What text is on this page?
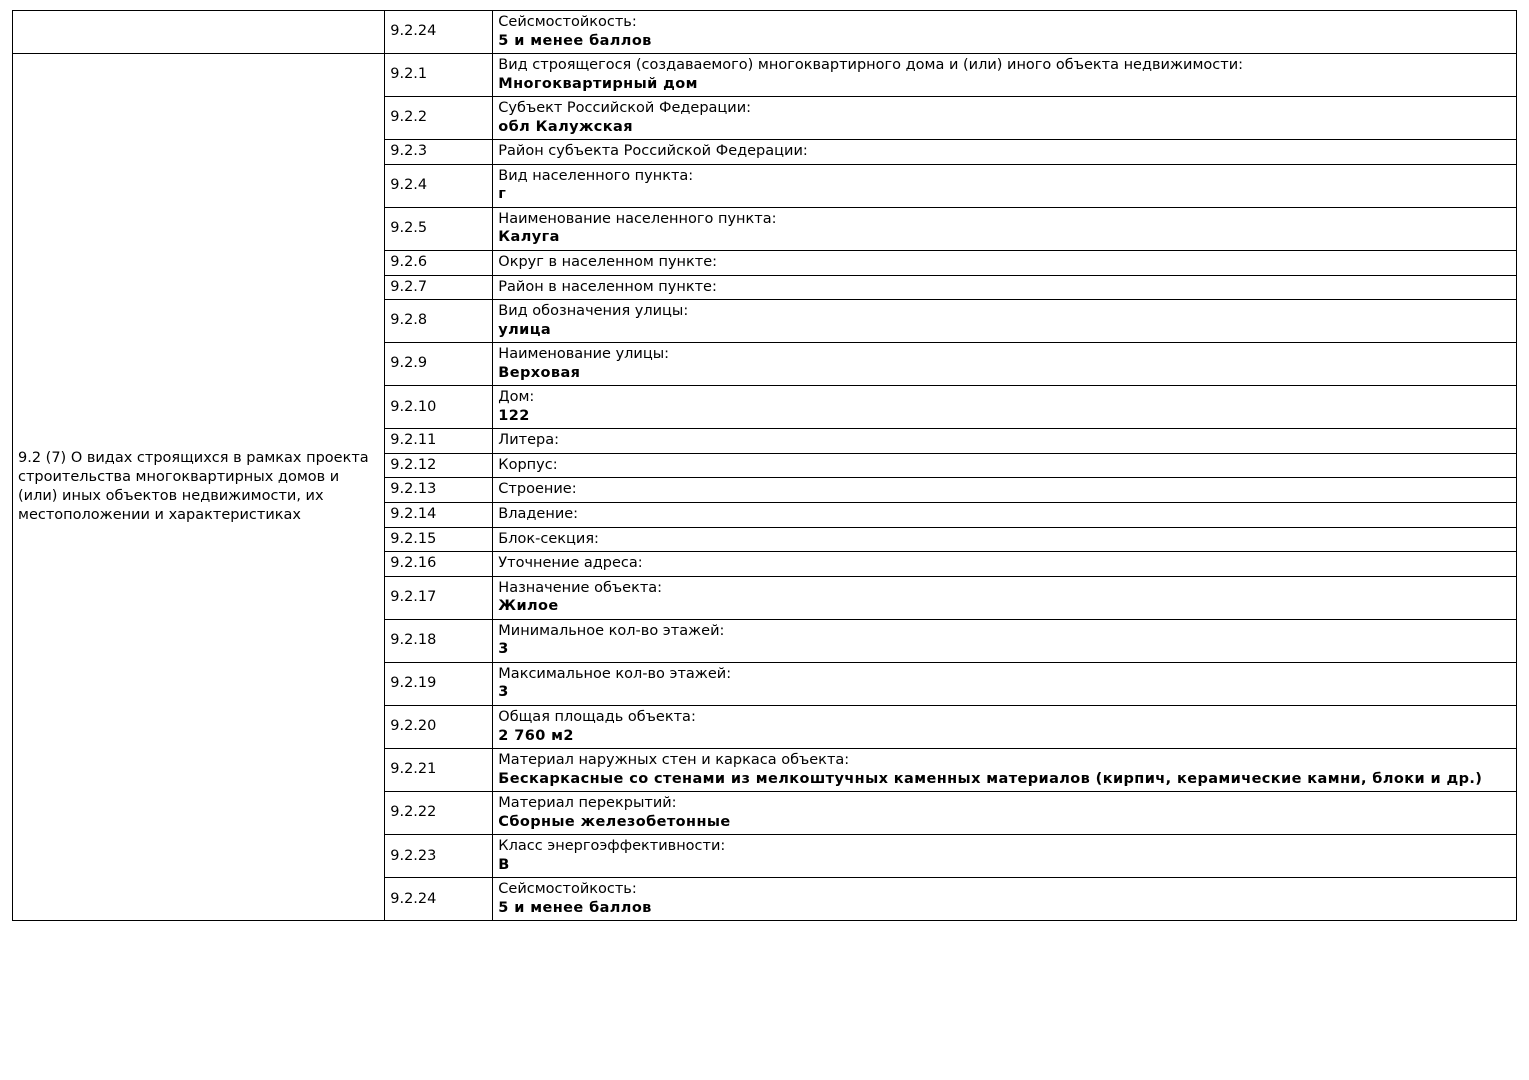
	9.2.24	Сейсмостойкость:
5 и менее баллов

9.2 (7) О видах строящихся в рамках проекта строительства многоквартирных домов и (или) иных объектов недвижимости, их местоположении и характеристиках	9.2.1	Вид строящегося (создаваемого) многоквартирного дома и (или) иного объекта недвижимости:
Многоквартирный дом

	9.2.2	Субъект Российской Федерации:
обл Калужская

	9.2.3	Район субъекта Российской Федерации:

	9.2.4	Вид населенного пункта:
г

	9.2.5	Наименование населенного пункта:
Калуга

	9.2.6	Округ в населенном пункте:

	9.2.7	Район в населенном пункте:

	9.2.8	Вид обозначения улицы:
улица

	9.2.9	Наименование улицы:
Верховая

	9.2.10	Дом:
122

	9.2.11	Литера:

	9.2.12	Корпус:

	9.2.13	Строение:

	9.2.14	Владение:

	9.2.15	Блок-секция:

	9.2.16	Уточнение адреса:

	9.2.17	Назначение объекта:
Жилое

	9.2.18	Минимальное кол-во этажей:
3

	9.2.19	Максимальное кол-во этажей:
3

	9.2.20	Общая площадь объекта:
2 760 м2

	9.2.21	Материал наружных стен и каркаса объекта:
Бескаркасные со стенами из мелкоштучных каменных материалов (кирпич, керамические камни, блоки и др.)

	9.2.22	Материал перекрытий:
Сборные железобетонные

	9.2.23	Класс энергоэффективности:
В

	9.2.24	Сейсмостойкость:
5 и менее баллов
